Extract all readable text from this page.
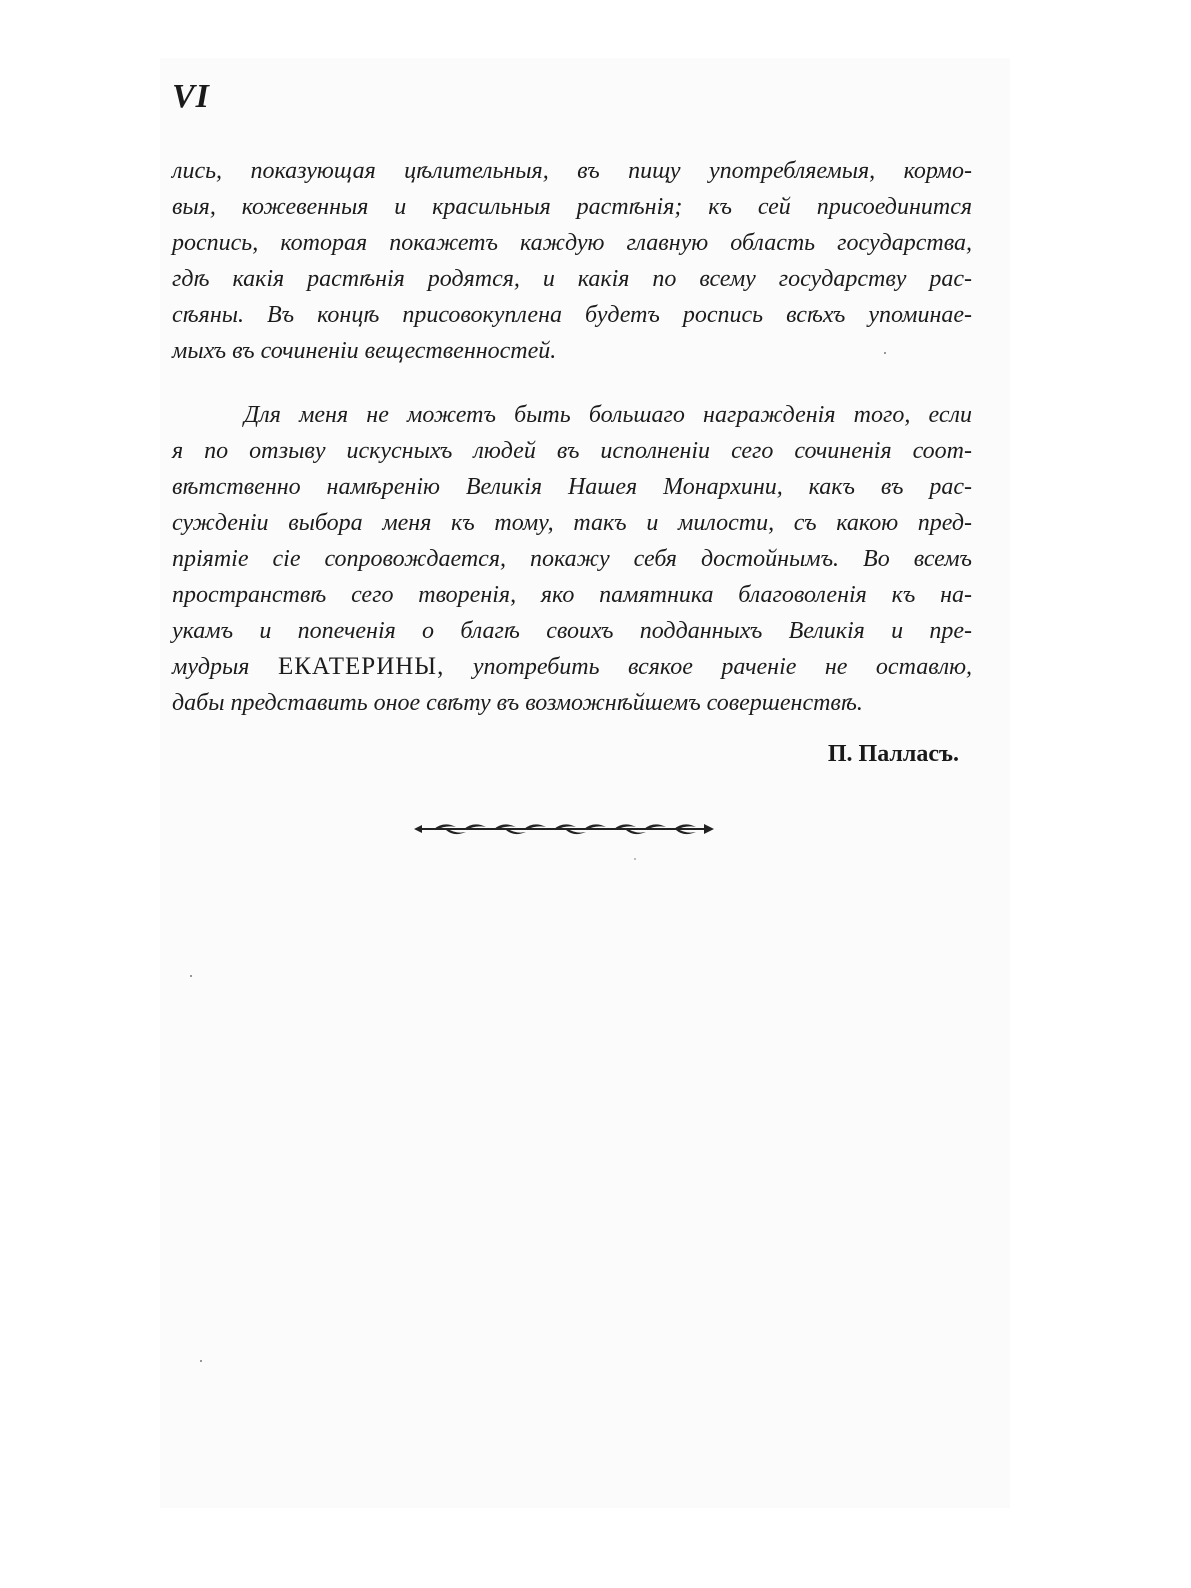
VI
лись, показующая цѣлительныя, въ пищу употребляемыя, кормо-
выя, кожевенныя и красильныя растѣнія; къ сей присоединится
роспись, которая покажетъ каждую главную область государства,
гдѣ какія растѣнія родятся, и какія по всему государству рас-
сѣяны. Въ концѣ присовокуплена будетъ роспись всѣхъ упоминае-
мыхъ въ сочиненіи вещественностей.
Для меня не можетъ быть большаго награжденія того, если
я по отзыву искусныхъ людей въ исполненіи сего сочиненія соот-
вѣтственно намѣренію Великія Нашея Монархини, какъ въ рас-
сужденіи выбора меня къ тому, такъ и милости, съ какою пред-
пріятіе сіе сопровождается, покажу себя достойнымъ. Во всемъ
пространствѣ сего творенія, яко памятника благоволенія къ на-
укамъ и попеченія о благѣ своихъ подданныхъ Великія и пре-
мудрыя ЕКАТЕРИНЫ, употребить всякое раченіе не оставлю,
дабы представить оное свѣту въ возможнѣйшемъ совершенствѣ.
П. Палласъ.
